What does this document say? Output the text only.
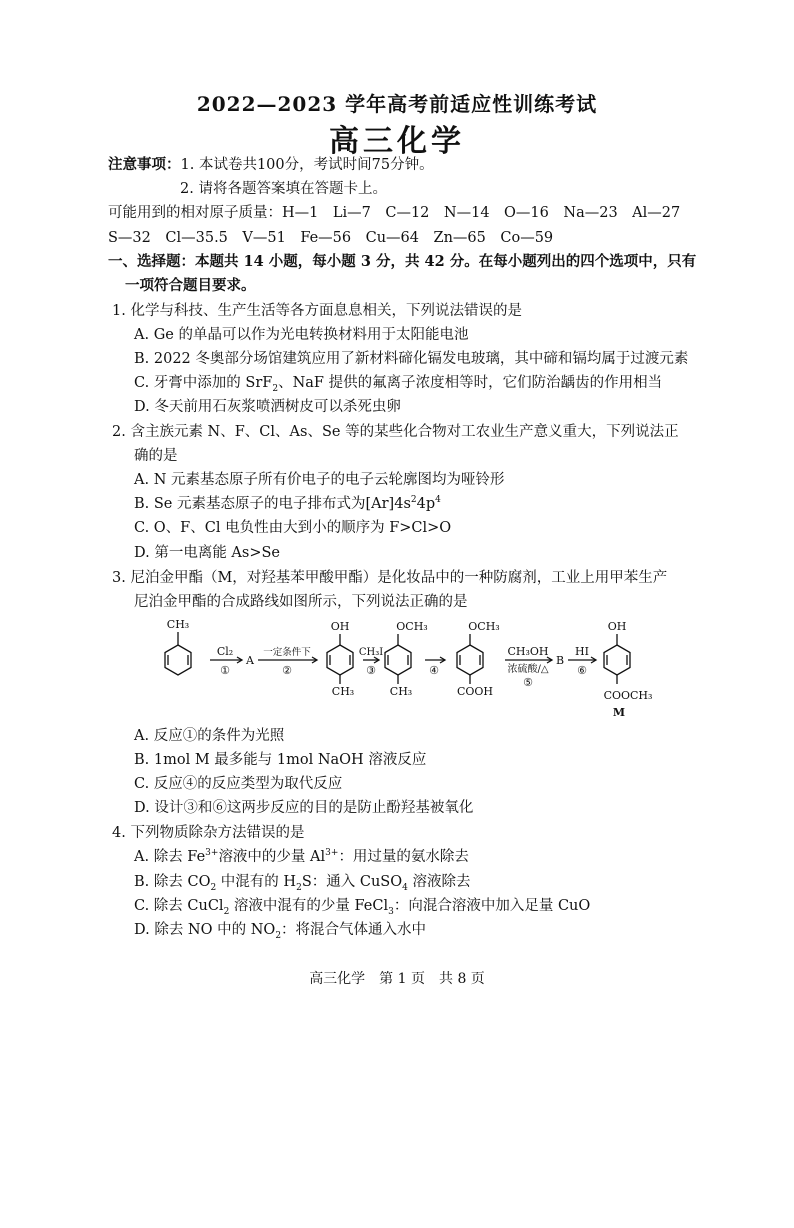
2022—2023 学年高考前适应性训练考试
高三化学
注意事项：1. 本试卷共100分，考试时间75分钟。
2. 请将各题答案填在答题卡上。
可能用到的相对原子质量：H—1　Li—7　C—12　N—14　O—16　Na—23　Al—27
S—32　Cl—35.5　V—51　Fe—56　Cu—64　Zn—65　Co—59
一、选择题：本题共 14 小题，每小题 3 分，共 42 分。在每小题列出的四个选项中，只有
一项符合题目要求。
1. 化学与科技、生产生活等各方面息息相关，下列说法错误的是
A. Ge 的单晶可以作为光电转换材料用于太阳能电池
B. 2022 冬奥部分场馆建筑应用了新材料碲化镉发电玻璃，其中碲和镉均属于过渡元素
C. 牙膏中添加的 SrF$_2$、NaF 提供的氟离子浓度相等时，它们防治龋齿的作用相当
D. 冬天前用石灰浆喷洒树皮可以杀死虫卵
2. 含主族元素 N、F、Cl、As、Se 等的某些化合物对工农业生产意义重大，下列说法正
确的是
A. N 元素基态原子所有价电子的电子云轮廓图均为哑铃形
B. Se 元素基态原子的电子排布式为$[Ar]4s^24p^4$
C. O、F、Cl 电负性由大到小的顺序为 F>Cl>O
D. 第一电离能 As>Se
3. 尼泊金甲酯（M，对羟基苯甲酸甲酯）是化妆品中的一种防腐剂，工业上用甲苯生产
尼泊金甲酯的合成路线如图所示，下列说法正确的是
CH₃
Cl₂
①
A
一定条件下
②
OH
CH₃
CH₃I
③
OCH₃
CH₃
④
OCH₃
COOH
CH₃OH
浓硫酸/△
⑤
B
HI
⑥
OH
COOCH₃
M
A. 反应①的条件为光照
B. 1mol M 最多能与 1mol NaOH 溶液反应
C. 反应④的反应类型为取代反应
D. 设计③和⑥这两步反应的目的是防止酚羟基被氧化
4. 下列物质除杂方法错误的是
A. 除去 $Fe^{3+}$溶液中的少量 $Al^{3+}$：用过量的氨水除去
B. 除去 $CO_2$ 中混有的 $H_2S$：通入 CuSO$_4$ 溶液除去
C. 除去 CuCl$_2$ 溶液中混有的少量 FeCl$_3$：向混合溶液中加入足量 CuO
D. 除去 NO 中的 $NO_2$：将混合气体通入水中
高三化学　第 1 页　共 8 页
